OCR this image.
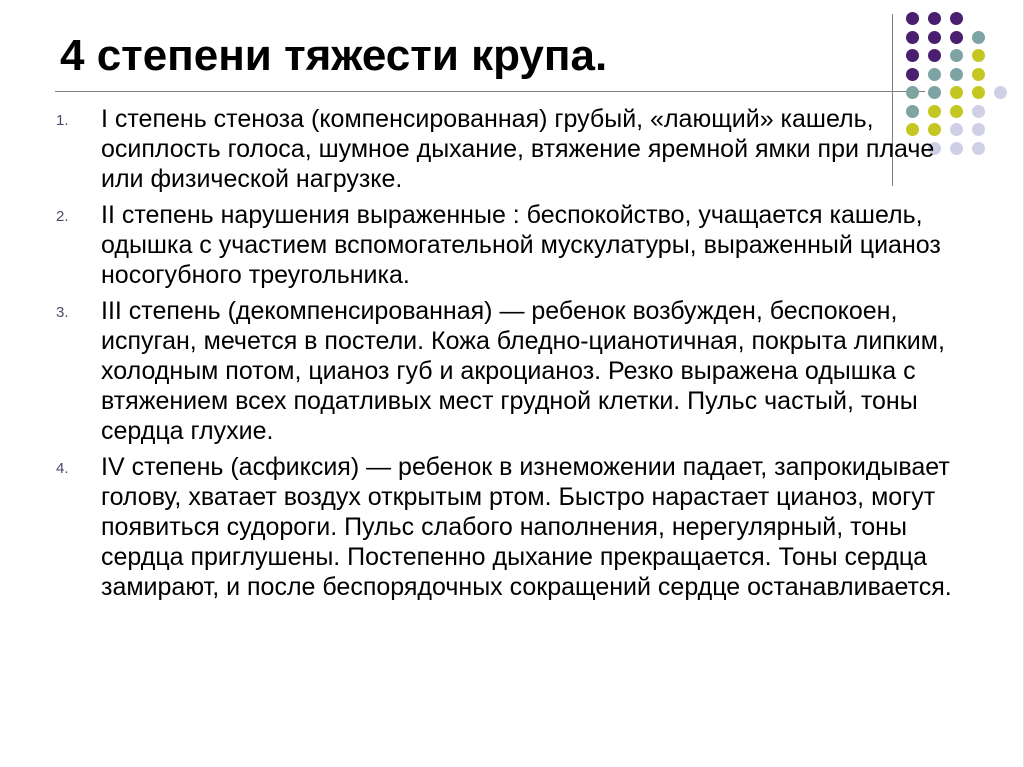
4 степени тяжести крупа.
1. I степень стеноза (компенсированная) грубый, «лающий» кашель, осиплость голоса, шумное дыхание, втяжение яремной ямки при плаче или физической нагрузке.
2. II степень нарушения выраженные : беспокойство, учащается кашель, одышка с участием вспомогательной мускулатуры, выраженный цианоз носогубного треугольника.
3. III степень (декомпенсированная) — ребенок возбужден, беспокоен, испуган, мечется в постели. Кожа бледно-цианотичная, покрыта липким, холодным потом, цианоз губ и акроцианоз. Резко выражена одышка с втяжением всех податливых мест грудной клетки. Пульс частый, тоны сердца глухие.
4. IV степень (асфиксия) — ребенок в изнеможении падает, запрокидывает голову, хватает воздух открытым ртом. Быстро нарастает цианоз, могут появиться судороги. Пульс слабого наполнения, нерегулярный, тоны сердца приглушены. Постепенно дыхание прекращается. Тоны сердца замирают, и после беспорядочных сокращений сердце останавливается.
